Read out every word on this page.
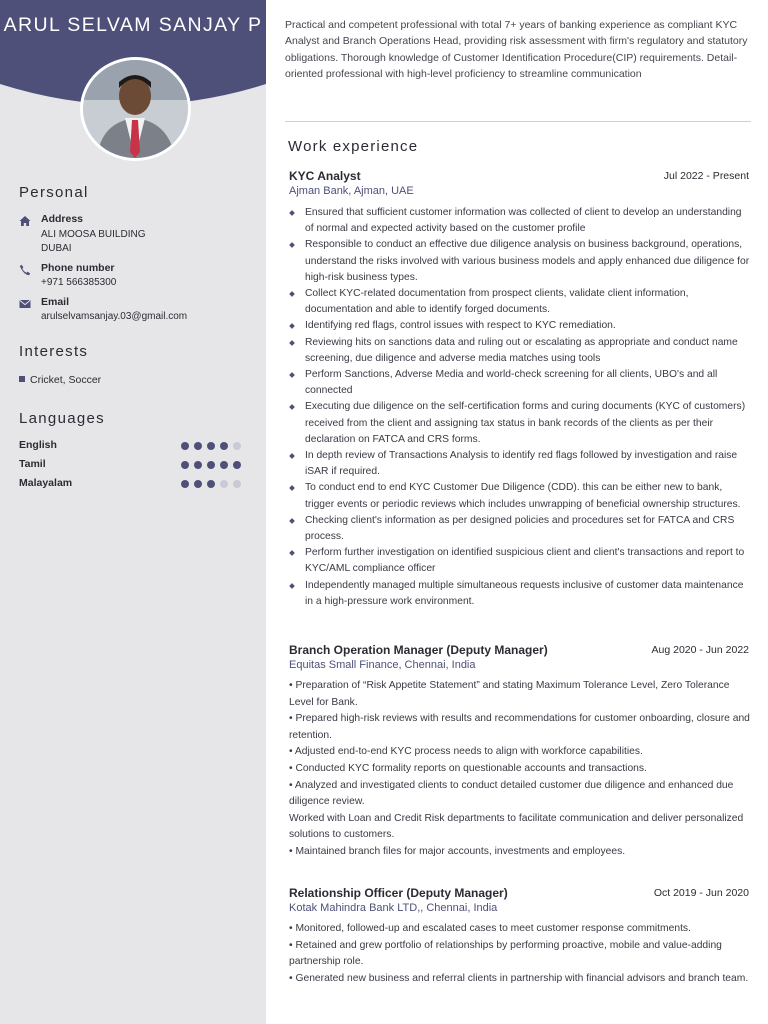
ARUL SELVAM SANJAY P
Personal
Address
ALI MOOSA BUILDING
DUBAI
Phone number
+971 566385300
Email
arulselvamsanjay.03@gmail.com
Interests
Cricket, Soccer
Languages
English
Tamil
Malayalam
Practical and competent professional with total 7+ years of banking experience as compliant KYC Analyst and Branch Operations Head, providing risk assessment with firm's regulatory and statutory obligations. Thorough knowledge of Customer Identification Procedure(CIP) requirements. Detail-oriented professional with high-level proficiency to streamline communication
Work experience
KYC Analyst	Jul 2022 - Present
Ajman Bank, Ajman, UAE
Ensured that sufficient customer information was collected of client to develop an understanding of normal and expected activity based on the customer profile
Responsible to conduct an effective due diligence analysis on business background, operations, understand the risks involved with various business models and apply enhanced due diligence for high-risk business types.
Collect KYC-related documentation from prospect clients, validate client information, documentation and able to identify forged documents.
Identifying red flags, control issues with respect to KYC remediation.
Reviewing hits on sanctions data and ruling out or escalating as appropriate and conduct name screening, due diligence and adverse media matches using tools
Perform Sanctions, Adverse Media and world-check screening for all clients, UBO's and all connected
Executing due diligence on the self-certification forms and curing documents (KYC of customers) received from the client and assigning tax status in bank records of the clients as per their declaration on FATCA and CRS forms.
In depth review of Transactions Analysis to identify red flags followed by investigation and raise iSAR if required.
To conduct end to end KYC Customer Due Diligence (CDD). this can be either new to bank, trigger events or periodic reviews which includes unwrapping of beneficial ownership structures.
Checking client's information as per designed policies and procedures set for FATCA and CRS process.
Perform further investigation on identified suspicious client and client's transactions and report to KYC/AML compliance officer
Independently managed multiple simultaneous requests inclusive of customer data maintenance in a high-pressure work environment.
Branch Operation Manager (Deputy Manager)	Aug 2020 - Jun 2022
Equitas Small Finance, Chennai, India

• Preparation of “Risk Appetite Statement” and stating Maximum Tolerance Level, Zero Tolerance Level for Bank.

• Prepared high-risk reviews with results and recommendations for customer onboarding, closure and retention.

• Adjusted end-to-end KYC process needs to align with workforce capabilities.

• Conducted KYC formality reports on questionable accounts and transactions.

• Analyzed and investigated clients to conduct detailed customer due diligence and enhanced due diligence review.

Worked with Loan and Credit Risk departments to facilitate communication and deliver personalized solutions to customers.

• Maintained branch files for major accounts, investments and employees.

Relationship Officer (Deputy Manager)	Oct 2019 - Jun 2020
Kotak Mahindra Bank LTD,, Chennai, India

• Monitored, followed-up and escalated cases to meet customer response commitments.

• Retained and grew portfolio of relationships by performing proactive, mobile and value-adding partnership role.

• Generated new business and referral clients in partnership with financial advisors and branch team.
